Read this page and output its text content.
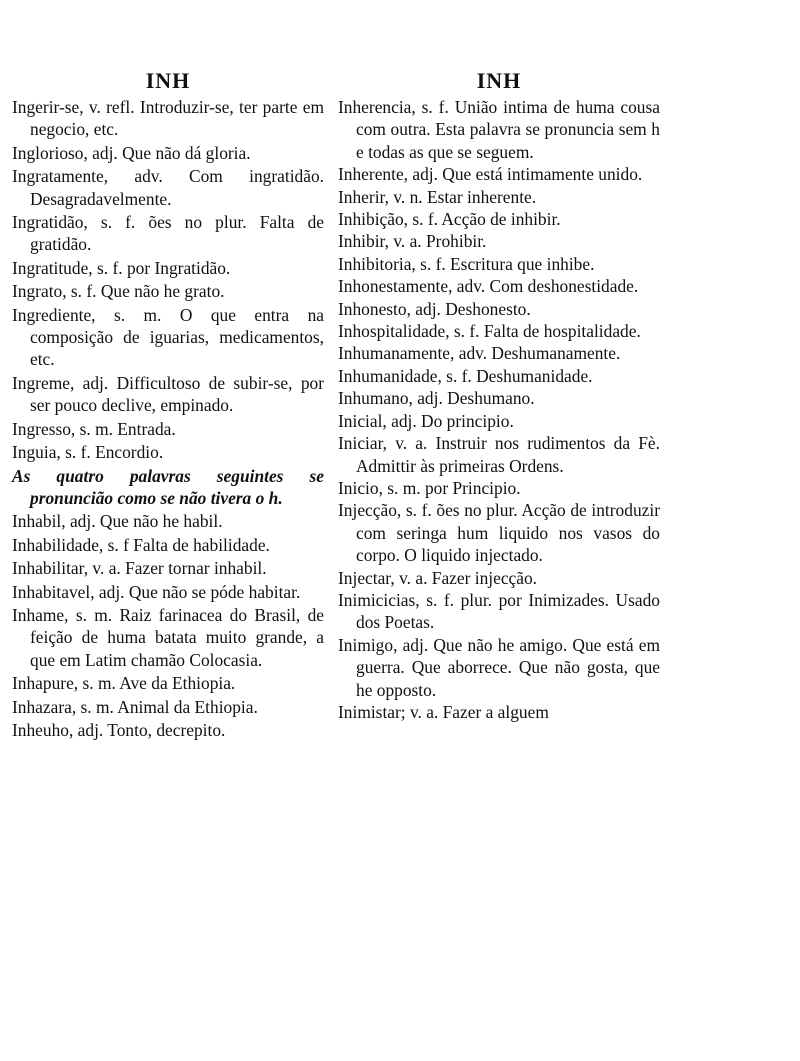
INH

Ingerir-se, v. refl. Introduzir-se, ter parte em negocio, etc.

Inglorioso, adj. Que não dá gloria.

Ingratamente, adv. Com ingratidão. Desagradavelmente.

Ingratidão, s. f. ões no plur. Falta de gratidão.

Ingratitude, s. f. por Ingratidão.

Ingrato, s. f. Que não he grato.

Ingrediente, s. m. O que entra na composição de iguarias, medicamentos, etc.

Ingreme, adj. Difficultoso de subir-se, por ser pouco declive, empinado.

Ingresso, s. m. Entrada.

Inguia, s. f. Encordio.

As quatro palavras seguintes se pronuncião como se não tivera o h.

Inhabil, adj. Que não he habil.

Inhabilidade, s. f Falta de habilidade.

Inhabilitar, v. a. Fazer tornar inhabil.

Inhabitavel, adj. Que não se póde habitar.

Inhame, s. m. Raiz farinacea do Brasil, de feição de huma batata muito grande, a que em Latim chamão Colocasia.

Inhapure, s. m. Ave da Ethiopia.

Inhazara, s. m. Animal da Ethiopia.

Inheuho, adj. Tonto, decrepito.

INH

Inherencia, s. f. União intima de huma cousa com outra. Esta palavra se pronuncia sem h e todas as que se seguem.

Inherente, adj. Que está intimamente unido.

Inherir, v. n. Estar inherente.

Inhibição, s. f. Acção de inhibir.

Inhibir, v. a. Prohibir.

Inhibitoria, s. f. Escritura que inhibe.

Inhonestamente, adv. Com deshonestidade.

Inhonesto, adj. Deshonesto.

Inhospitalidade, s. f. Falta de hospitalidade.

Inhumanamente, adv. Deshumanamente.

Inhumanidade, s. f. Deshumanidade.

Inhumano, adj. Deshumano.

Inicial, adj. Do principio.

Iniciar, v. a. Instruir nos rudimentos da Fè. Admittir às primeiras Ordens.

Inicio, s. m. por Principio.

Injecção, s. f. ões no plur. Acção de introduzir com seringa hum liquido nos vasos do corpo. O liquido injectado.

Injectar, v. a. Fazer injecção.

Inimicicias, s. f. plur. por Inimizades. Usado dos Poetas.

Inimigo, adj. Que não he amigo. Que está em guerra. Que aborrece. Que não gosta, que he opposto.

Inimistar; v. a. Fazer a alguem
